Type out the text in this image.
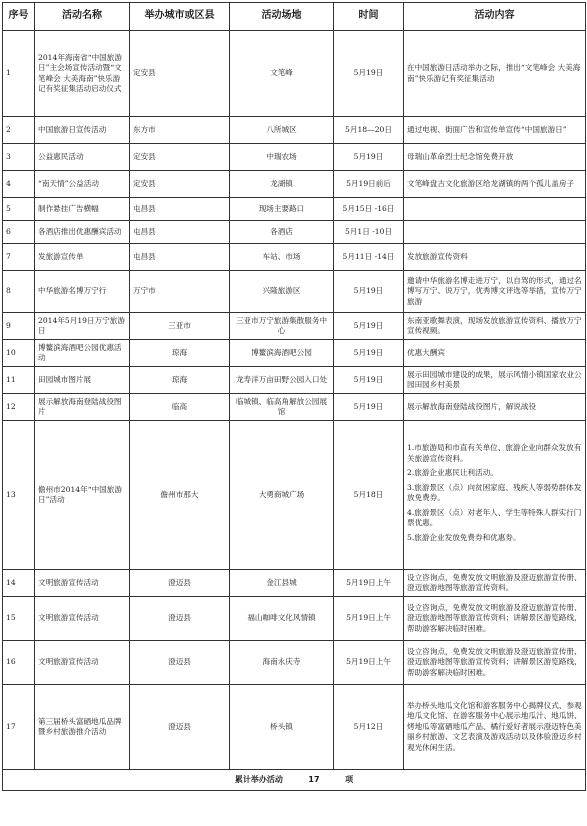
序号	活动名称	举办城市或区县	活动场地	时间	活动内容
1	2014年海南省“中国旅游日”主会场宣传活动暨“文笔峰会 大美海南”快乐游记有奖征集活动启动仪式	定安县	文笔峰	5月19日	在中国旅游日活动举办之际，推出“文笔峰会 大美海南”快乐游记有奖征集活动
2	中国旅游日宣传活动	东方市	八所城区	5月18—20日	通过电视、街面广告和宣传单宣传“中国旅游日”
3	公益惠民活动	定安县	中瑞农场	5月19日	母瑞山革命烈士纪念馆免费开放
4	“南天情”公益活动	定安县	龙湖镇	5月19日前后	文笔峰盘古文化旅游区给龙湖镇的两个孤儿盖房子
5	制作悬挂广告横幅	屯昌县	现场主要路口	5月15日 -16日	
6	各酒店推出优惠酬宾活动	屯昌县	各酒店	5月1日 -10日	
7	发旅游宣传单	屯昌县	车站、市场	5月11日 -14日	发放旅游宣传资料
8	中华旅游名博万宁行	万宁市	兴隆旅游区	5月19日	邀请中华旅游名博走进万宁，以自驾的形式，通过名博写万宁、说万宁，优秀博文评选等举措，宣传万宁旅游
9	2014年5月19日万宁旅游日	三亚市	三亚市万宁旅游集散服务中心	5月19日	东南亚歌舞表演，现场发放旅游宣传资料、播放万宁宣传视频。
10	博鳌滨海酒吧公园优惠活动	琼海	博鳌滨海酒吧公园	5月19日	优惠大酬宾
11	田园城市图片展	琼海	龙寿洋万亩田野公园入口处	5月19日	展示田园城市建设的成果，展示风情小镇国家农业公园田园乡村美景
12	展示解放海南登陆战役图片	临高	临城镇、临高角解放公园展馆	5月19日	展示解放海南登陆战役图片，解说战役
13	儋州市2014年“中国旅游日”活动	儋州市那大	大勇商城广场	5月18日	1.市旅游局和市直有关单位、旅游企业向群众发放有关旅游宣传资料。
2.旅游企业惠民让利活动。
3.旅游景区（点）向贫困家庭、残疾人等弱势群体发放免费券。
4.旅游景区（点）对老年人、学生等特殊人群实行门票优惠。
5.旅游企业发放免费券和优惠券。

14	文明旅游宣传活动	澄迈县	金江县城	5月19日上午	设立咨询点，免费发放文明旅游及澄迈旅游宣传册、澄迈旅游地图等旅游宣传资料。
15	文明旅游宣传活动	澄迈县	福山咖啡文化风情镇	5月19日上午	设立咨询点，免费发放文明旅游及澄迈旅游宣传册、澄迈旅游地图等旅游宣传资料；讲解景区游览路线，帮助游客解决临时困难。
16	文明旅游宣传活动	澄迈县	海南永庆寺	5月19日上午	设立咨询点，免费发放文明旅游及澄迈旅游宣传册、澄迈旅游地图等旅游宣传资料；讲解景区游览路线，帮助游客解决临时困难。
17	第三届桥头富硒地瓜品牌暨乡村旅游推介活动	澄迈县	桥头镇	5月12日	举办桥头地瓜文化馆和游客服务中心揭牌仪式、参观地瓜文化馆、在游客服务中心展示地瓜汁、地瓜饼、烤地瓜等富硒地瓜产品、橘行爱好者展示澄迈特色美丽乡村旅游、文艺表演及游戏活动以及体验澄迈乡村观光休闲生活。
累计举办活动 17 项					
